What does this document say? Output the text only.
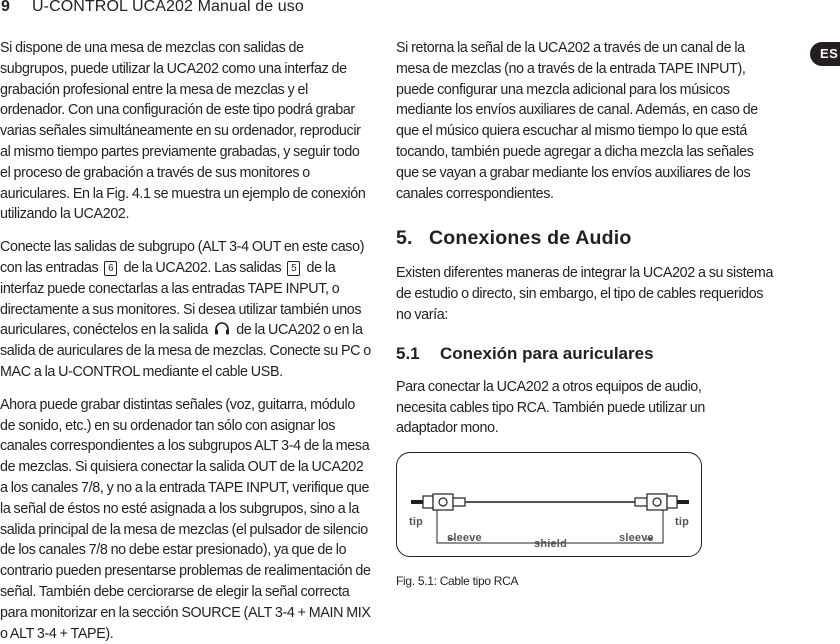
9 U-CONTROL UCA202 Manual de uso
ES

Si dispone de una mesa de mezclas con salidas de subgrupos, puede utilizar la UCA202 como una interfaz de grabación profesional entre la mesa de mezclas y el ordenador. Con una configuración de este tipo podrá grabar varias señales simultáneamente en su ordenador, reproducir al mismo tiempo partes previamente grabadas, y seguir todo el proceso de grabación a través de sus monitores o auriculares. En la Fig. 4.1 se muestra un ejemplo de conexión utilizando la UCA202.

Conecte las salidas de subgrupo (ALT 3-4 OUT en este caso) con las entradas 6 de la UCA202. Las salidas 5 de la interfaz puede conectarlas a las entradas TAPE INPUT, o directamente a sus monitores. Si desea utilizar también unos auriculares, conéctelos en la salida de la UCA202 o en la salida de auriculares de la mesa de mezclas. Conecte su PC o MAC a la U-CONTROL mediante el cable USB.

Ahora puede grabar distintas señales (voz, guitarra, módulo de sonido, etc.) en su ordenador tan sólo con asignar los canales correspondientes a los subgrupos ALT 3-4 de la mesa de mezclas. Si quisiera conectar la salida OUT de la UCA202 a los canales 7/8, y no a la entrada TAPE INPUT, verifique que la señal de éstos no esté asignada a los subgrupos, sino a la salida principal de la mesa de mezclas (el pulsador de silencio de los canales 7/8 no debe estar presionado), ya que de lo contrario pueden presentarse problemas de realimentación de señal. También debe cerciorarse de elegir la señal correcta para monitorizar en la sección SOURCE (ALT 3-4 + MAIN MIX o ALT 3-4 + TAPE).

Si retorna la señal de la UCA202 a través de un canal de la mesa de mezclas (no a través de la entrada TAPE INPUT), puede configurar una mezcla adicional para los músicos mediante los envíos auxiliares de canal. Además, en caso de que el músico quiera escuchar al mismo tiempo lo que está tocando, también puede agregar a dicha mezcla las señales que se vayan a grabar mediante los envíos auxiliares de los canales correspondientes.

5. Conexiones de Audio

Existen diferentes maneras de integrar la UCA202 a su sistema de estudio o directo, sin embargo, el tipo de cables requeridos no varía:

5.1 Conexión para auriculares

Para conectar la UCA202 a otros equipos de audio, necesita cables tipo RCA. También puede utilizar un adaptador mono.

tip	tip
sleeve	sleeve
shield
Fig. 5.1: Cable tipo RCA
